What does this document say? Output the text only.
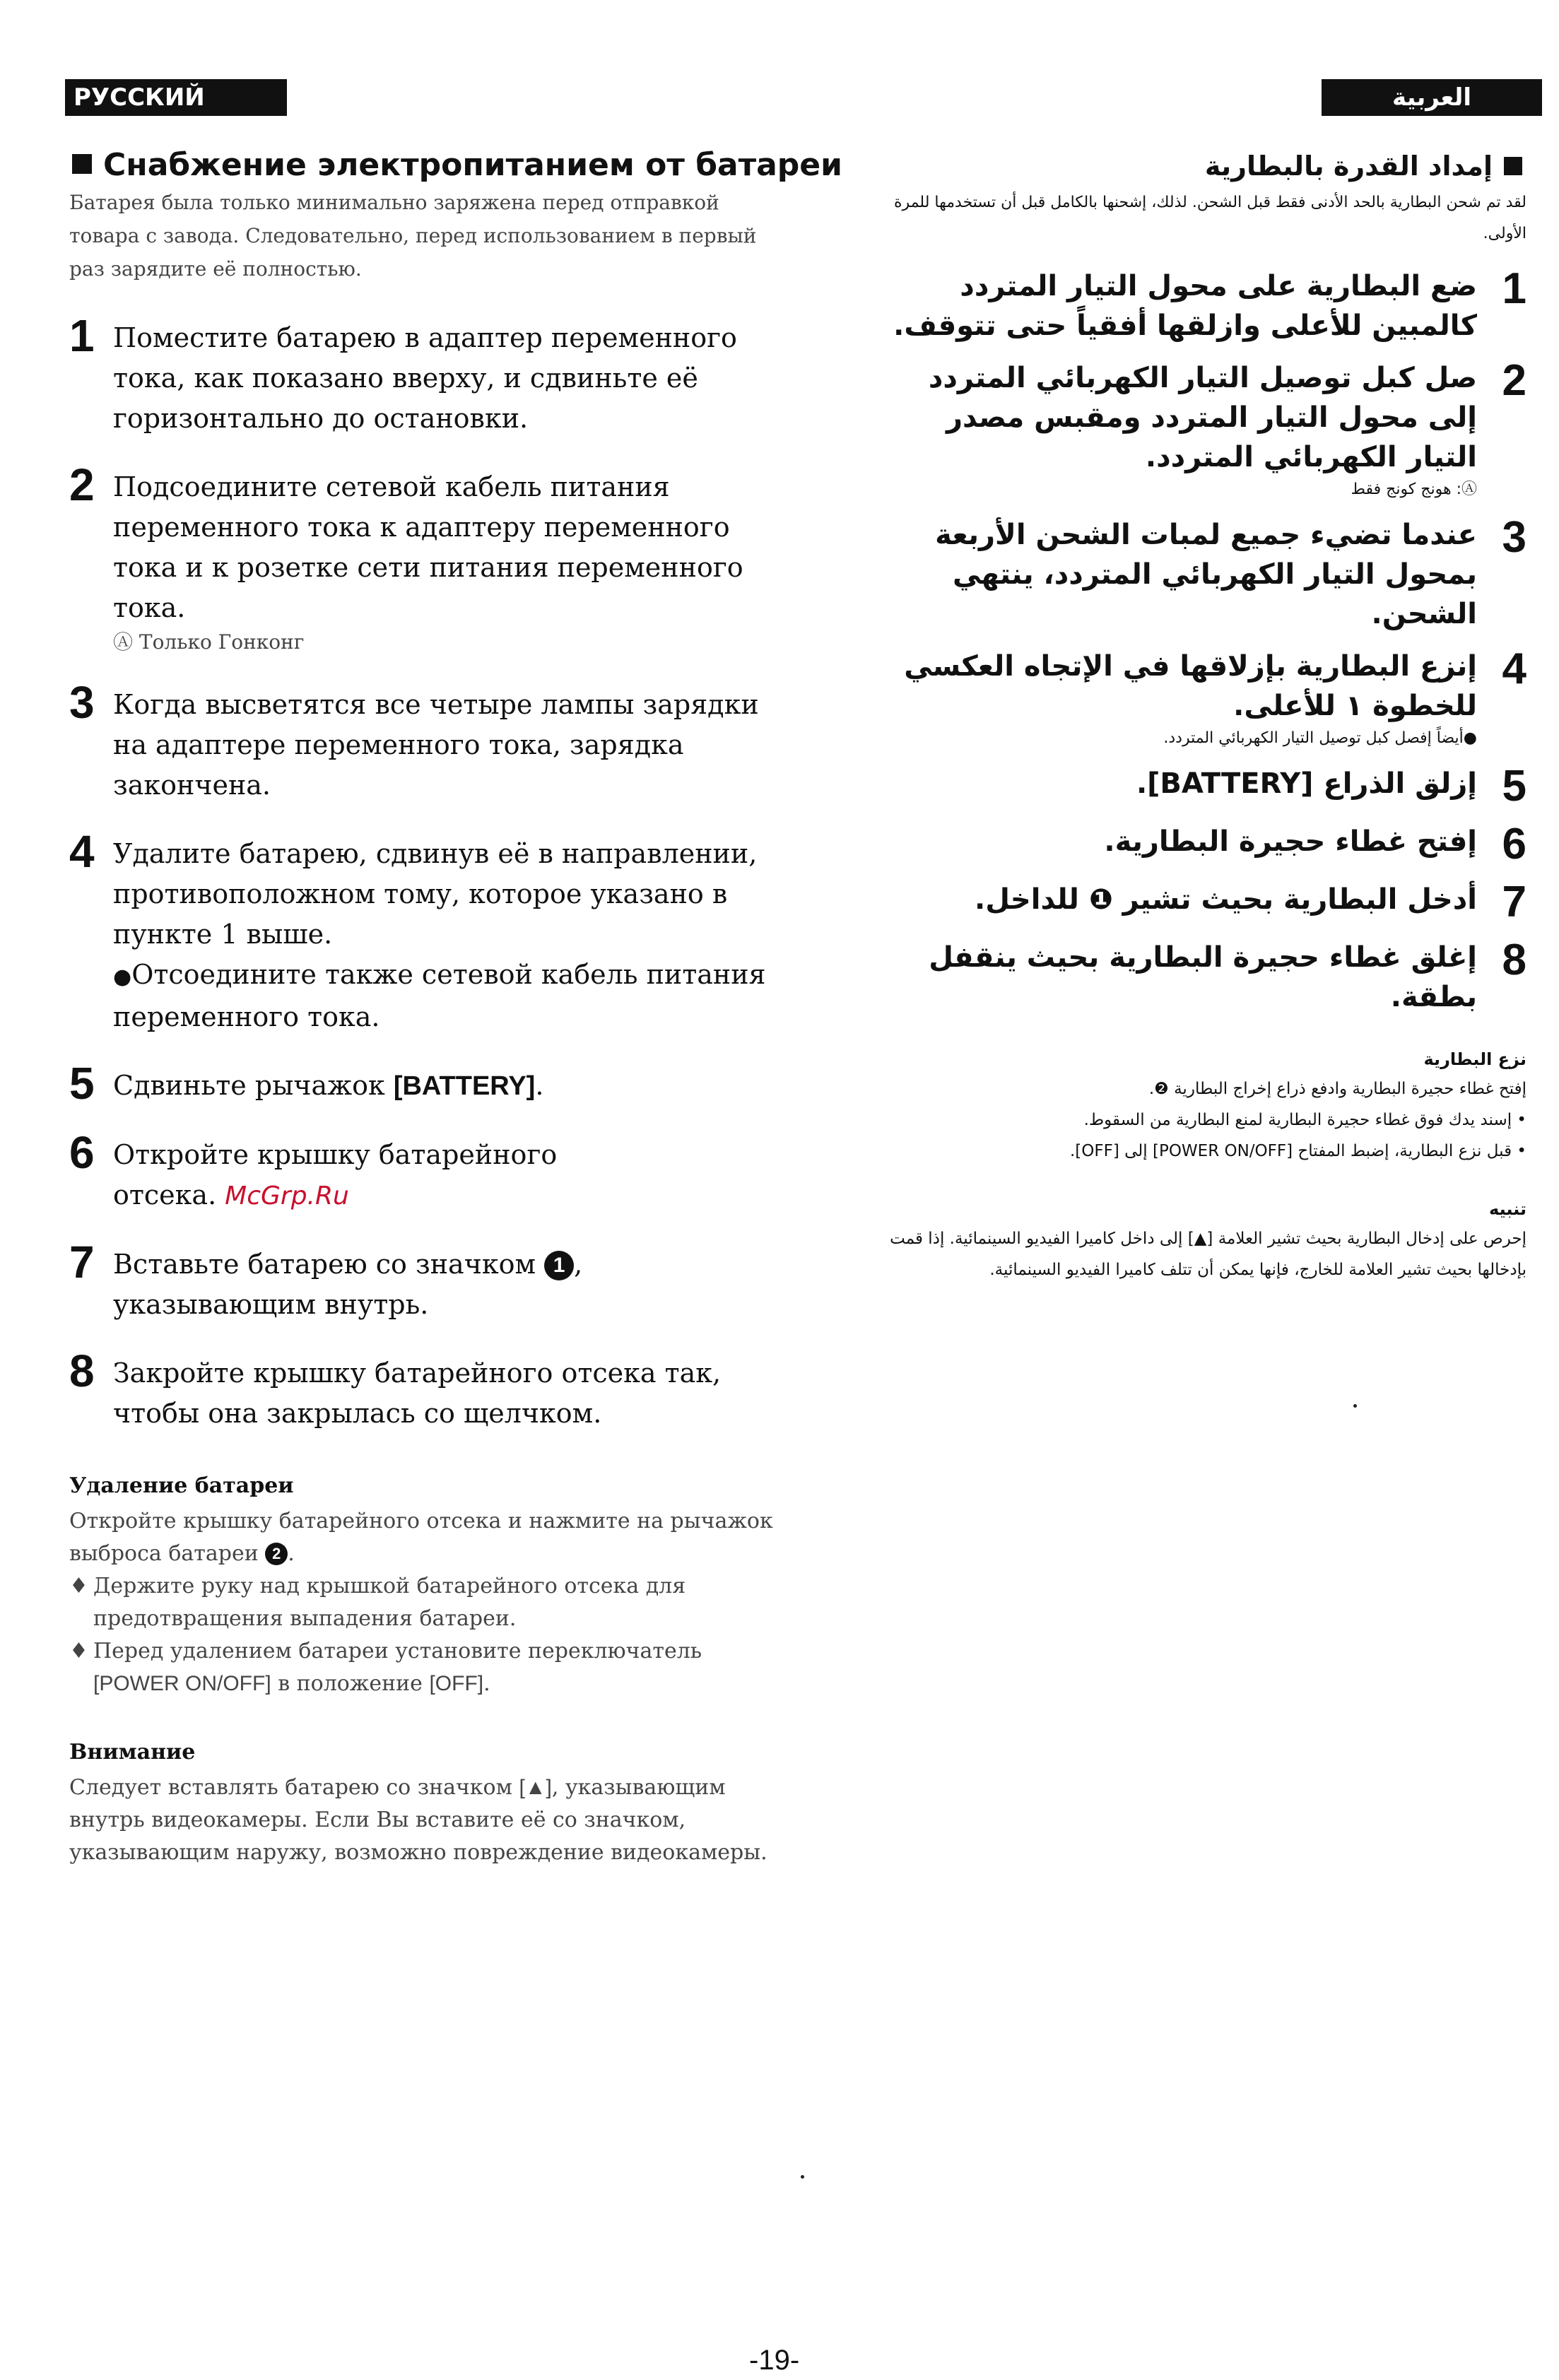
РУССКИЙ ЯЗЫК
العربية
Снабжение электропитанием от батареи

Батарея была только минимально заряжена перед отправкой товара с завода. Следовательно, перед использованием в первый раз зарядите её полностью.

1 Поместите батарею в адаптер переменного тока, как показано вверху, и сдвиньте её горизонтально до остановки.
2 Подсоедините сетевой кабель питания переменного тока к адаптеру переменного тока и к розетке сети питания переменного тока.
Ⓐ Только Гонконг
3 Когда высветятся все четыре лампы зарядки на адаптере переменного тока, зарядка закончена.
4 Удалите батарею, сдвинув её в направлении, противоположном тому, которое указано в пункте 1 выше.
●Отсоедините также сетевой кабель питания переменного тока.
5 Сдвиньте рычажок [BATTERY].
6 Откройте крышку батарейного отсека. McGrp.Ru
7 Вставьте батарею со значком 1 , указывающим внутрь.
8 Закройте крышку батарейного отсека так, чтобы она закрылась со щелчком.
Удаление батареи
Откройте крышку батарейного отсека и нажмите на рычажок выброса батареи 2 .
♦ Держите руку над крышкой батарейного отсека для предотвращения выпадения батареи.
♦ Перед удалением батареи установите переключатель [POWER ON/OFF] в положение [OFF].
Внимание
Следует вставлять батарею со значком [▲], указывающим внутрь видеокамеры. Если Вы вставите её со значком, указывающим наружу, возможно повреждение видеокамеры.
إمداد القدرة بالبطارية

لقد تم شحن البطارية بالحد الأدنى فقط قبل الشحن. لذلك، إشحنها بالكامل قبل أن تستخدمها للمرة الأولى.

1
ضع البطارية على محول التيار المتردد كالمبين للأعلى وازلقها أفقياً حتى تتوقف.
2
صل كبل توصيل التيار الكهربائي المتردد إلى محول التيار المتردد ومقبس مصدر التيار الكهربائي المتردد.
Ⓐ: هونج كونج فقط
3
عندما تضيء جميع لمبات الشحن الأربعة بمحول التيار الكهربائي المتردد، ينتهي الشحن.
4
إنزع البطارية بإزلاقها في الإتجاه العكسي للخطوة ١ للأعلى.
●أيضاً إفصل كبل توصيل التيار الكهربائي المتردد.
5
إزلق الذراع [BATTERY].
6
إفتح غطاء حجيرة البطارية.
7
أدخل البطارية بحيث تشير ❶ للداخل.
8
إغلق غطاء حجيرة البطارية بحيث ينقفل بطقة.
نزع البطارية
إفتح غطاء حجيرة البطارية وادفع ذراع إخراج البطارية ❷.
• إسند يدك فوق غطاء حجيرة البطارية لمنع البطارية من السقوط.
• قبل نزع البطارية، إضبط المفتاح [POWER ON/OFF] إلى [OFF].
تنبيه
إحرص على إدخال البطارية بحيث تشير العلامة [▲] إلى داخل كاميرا الفيديو السينمائية. إذا قمت بإدخالها بحيث تشير العلامة للخارج، فإنها يمكن أن تتلف كاميرا الفيديو السينمائية.
-19-
